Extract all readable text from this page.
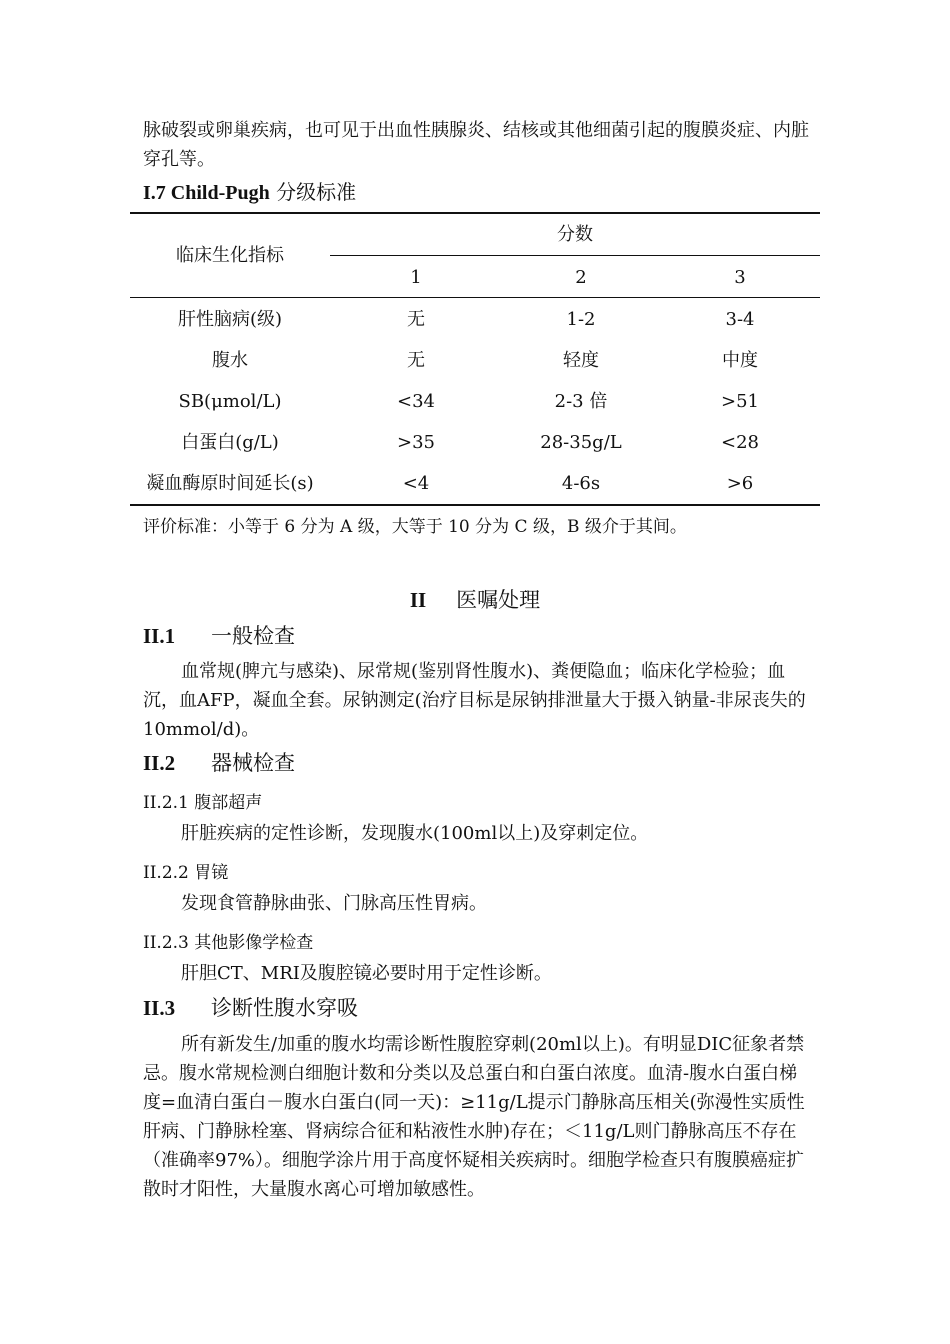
脉破裂或卵巢疾病，也可见于出血性胰腺炎、结核或其他细菌引起的腹膜炎症、内脏穿孔等。

I.7 Child-Pugh 分级标准

临床生化指标
分数
1	2	3
肝性脑病(级)	无	1-2	3-4
腹水	无	轻度	中度
SB(μmol/L)	<34	2-3 倍	>51
白蛋白(g/L)	>35	28-35g/L	<28
凝血酶原时间延长(s)	<4	4-6s	>6

评价标准：小等于 6 分为 A 级，大等于 10 分为 C 级，B 级介于其间。

II 医嘱处理

II.1 一般检查

血常规(脾亢与感染)、尿常规(鉴别肾性腹水)、粪便隐血；临床化学检验；血沉，血AFP，凝血全套。尿钠测定(治疗目标是尿钠排泄量大于摄入钠量-非尿丧失的10mmol/d)。

II.2 器械检查

II.2.1 腹部超声

肝脏疾病的定性诊断，发现腹水(100ml以上)及穿刺定位。

II.2.2 胃镜

发现食管静脉曲张、门脉高压性胃病。

II.2.3 其他影像学检查

肝胆CT、MRI及腹腔镜必要时用于定性诊断。

II.3 诊断性腹水穿吸

所有新发生/加重的腹水均需诊断性腹腔穿刺(20ml以上)。有明显DIC征象者禁忌。腹水常规检测白细胞计数和分类以及总蛋白和白蛋白浓度。血清-腹水白蛋白梯度=血清白蛋白－腹水白蛋白(同一天)：≥11g/L提示门静脉高压相关(弥漫性实质性肝病、门静脉栓塞、肾病综合征和粘液性水肿)存在；＜11g/L则门静脉高压不存在（准确率97%）。细胞学涂片用于高度怀疑相关疾病时。细胞学检查只有腹膜癌症扩散时才阳性，大量腹水离心可增加敏感性。
